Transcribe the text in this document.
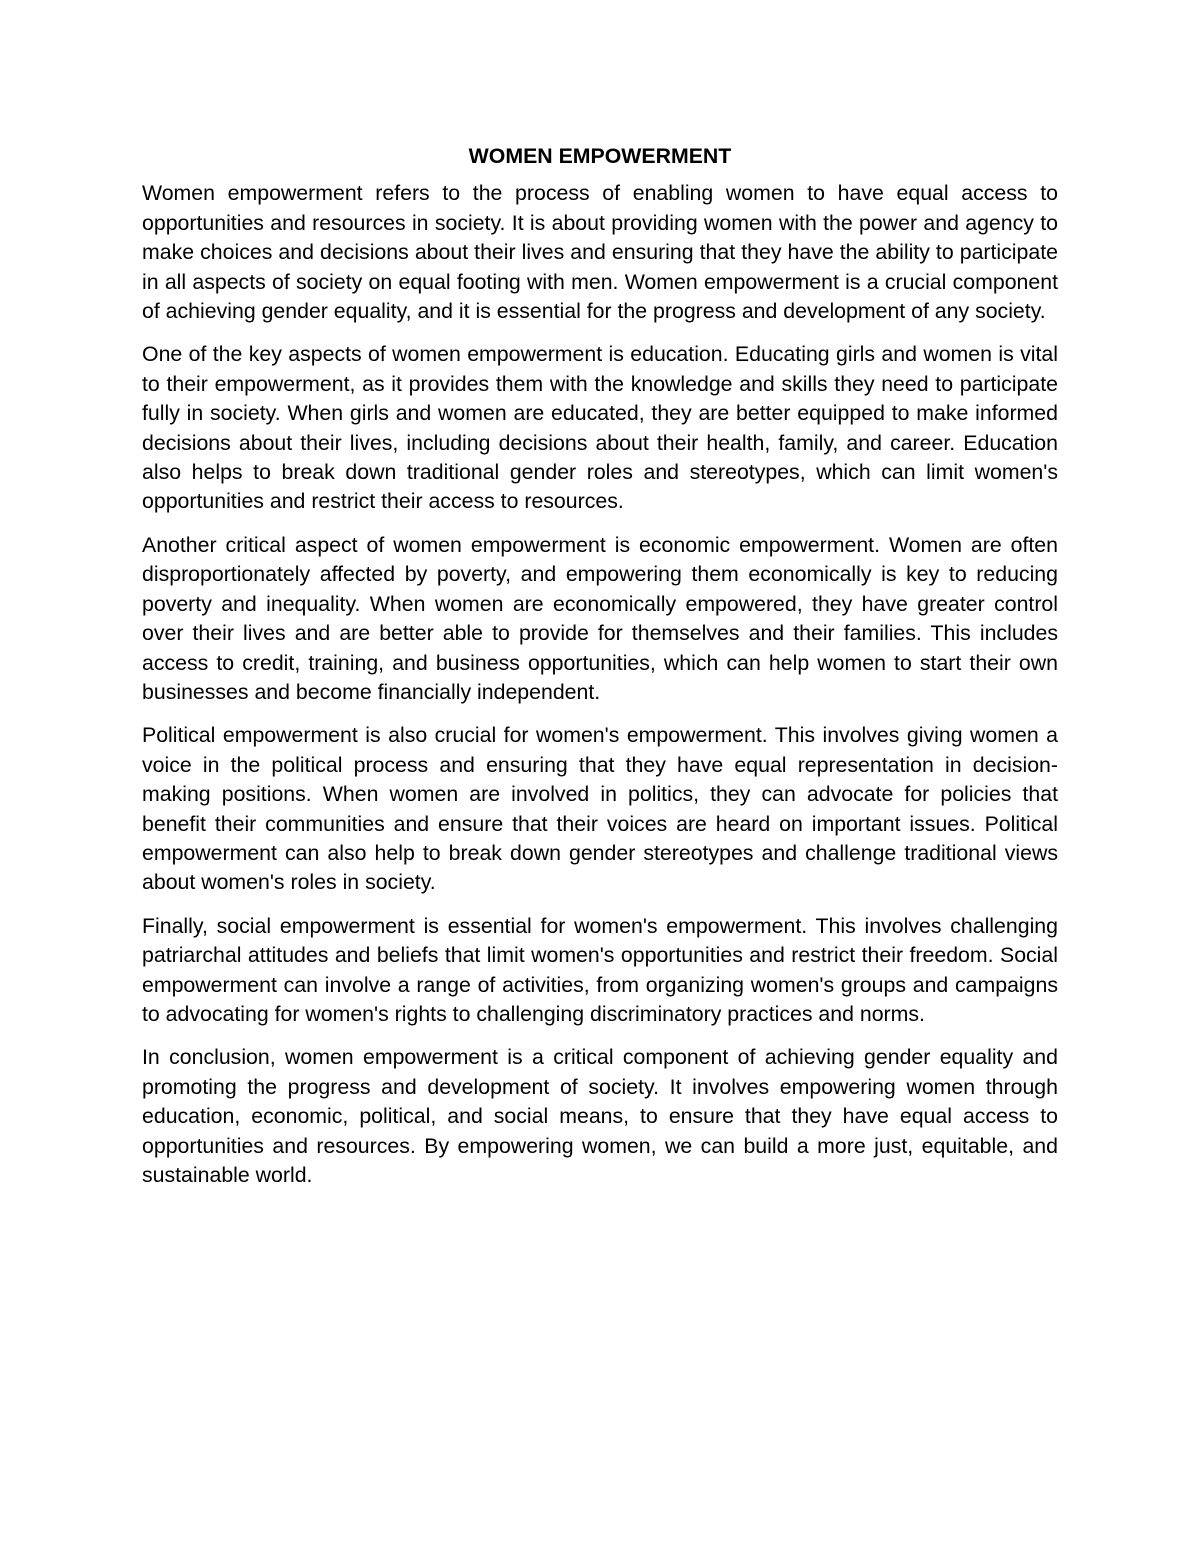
WOMEN EMPOWERMENT

Women empowerment refers to the process of enabling women to have equal access to opportunities and resources in society. It is about providing women with the power and agency to make choices and decisions about their lives and ensuring that they have the ability to participate in all aspects of society on equal footing with men. Women empowerment is a crucial component of achieving gender equality, and it is essential for the progress and development of any society.

One of the key aspects of women empowerment is education. Educating girls and women is vital to their empowerment, as it provides them with the knowledge and skills they need to participate fully in society. When girls and women are educated, they are better equipped to make informed decisions about their lives, including decisions about their health, family, and career. Education also helps to break down traditional gender roles and stereotypes, which can limit women's opportunities and restrict their access to resources.

Another critical aspect of women empowerment is economic empowerment. Women are often disproportionately affected by poverty, and empowering them economically is key to reducing poverty and inequality. When women are economically empowered, they have greater control over their lives and are better able to provide for themselves and their families. This includes access to credit, training, and business opportunities, which can help women to start their own businesses and become financially independent.

Political empowerment is also crucial for women's empowerment. This involves giving women a voice in the political process and ensuring that they have equal representation in decision-making positions. When women are involved in politics, they can advocate for policies that benefit their communities and ensure that their voices are heard on important issues. Political empowerment can also help to break down gender stereotypes and challenge traditional views about women's roles in society.

Finally, social empowerment is essential for women's empowerment. This involves challenging patriarchal attitudes and beliefs that limit women's opportunities and restrict their freedom. Social empowerment can involve a range of activities, from organizing women's groups and campaigns to advocating for women's rights to challenging discriminatory practices and norms.

In conclusion, women empowerment is a critical component of achieving gender equality and promoting the progress and development of society. It involves empowering women through education, economic, political, and social means, to ensure that they have equal access to opportunities and resources. By empowering women, we can build a more just, equitable, and sustainable world.
